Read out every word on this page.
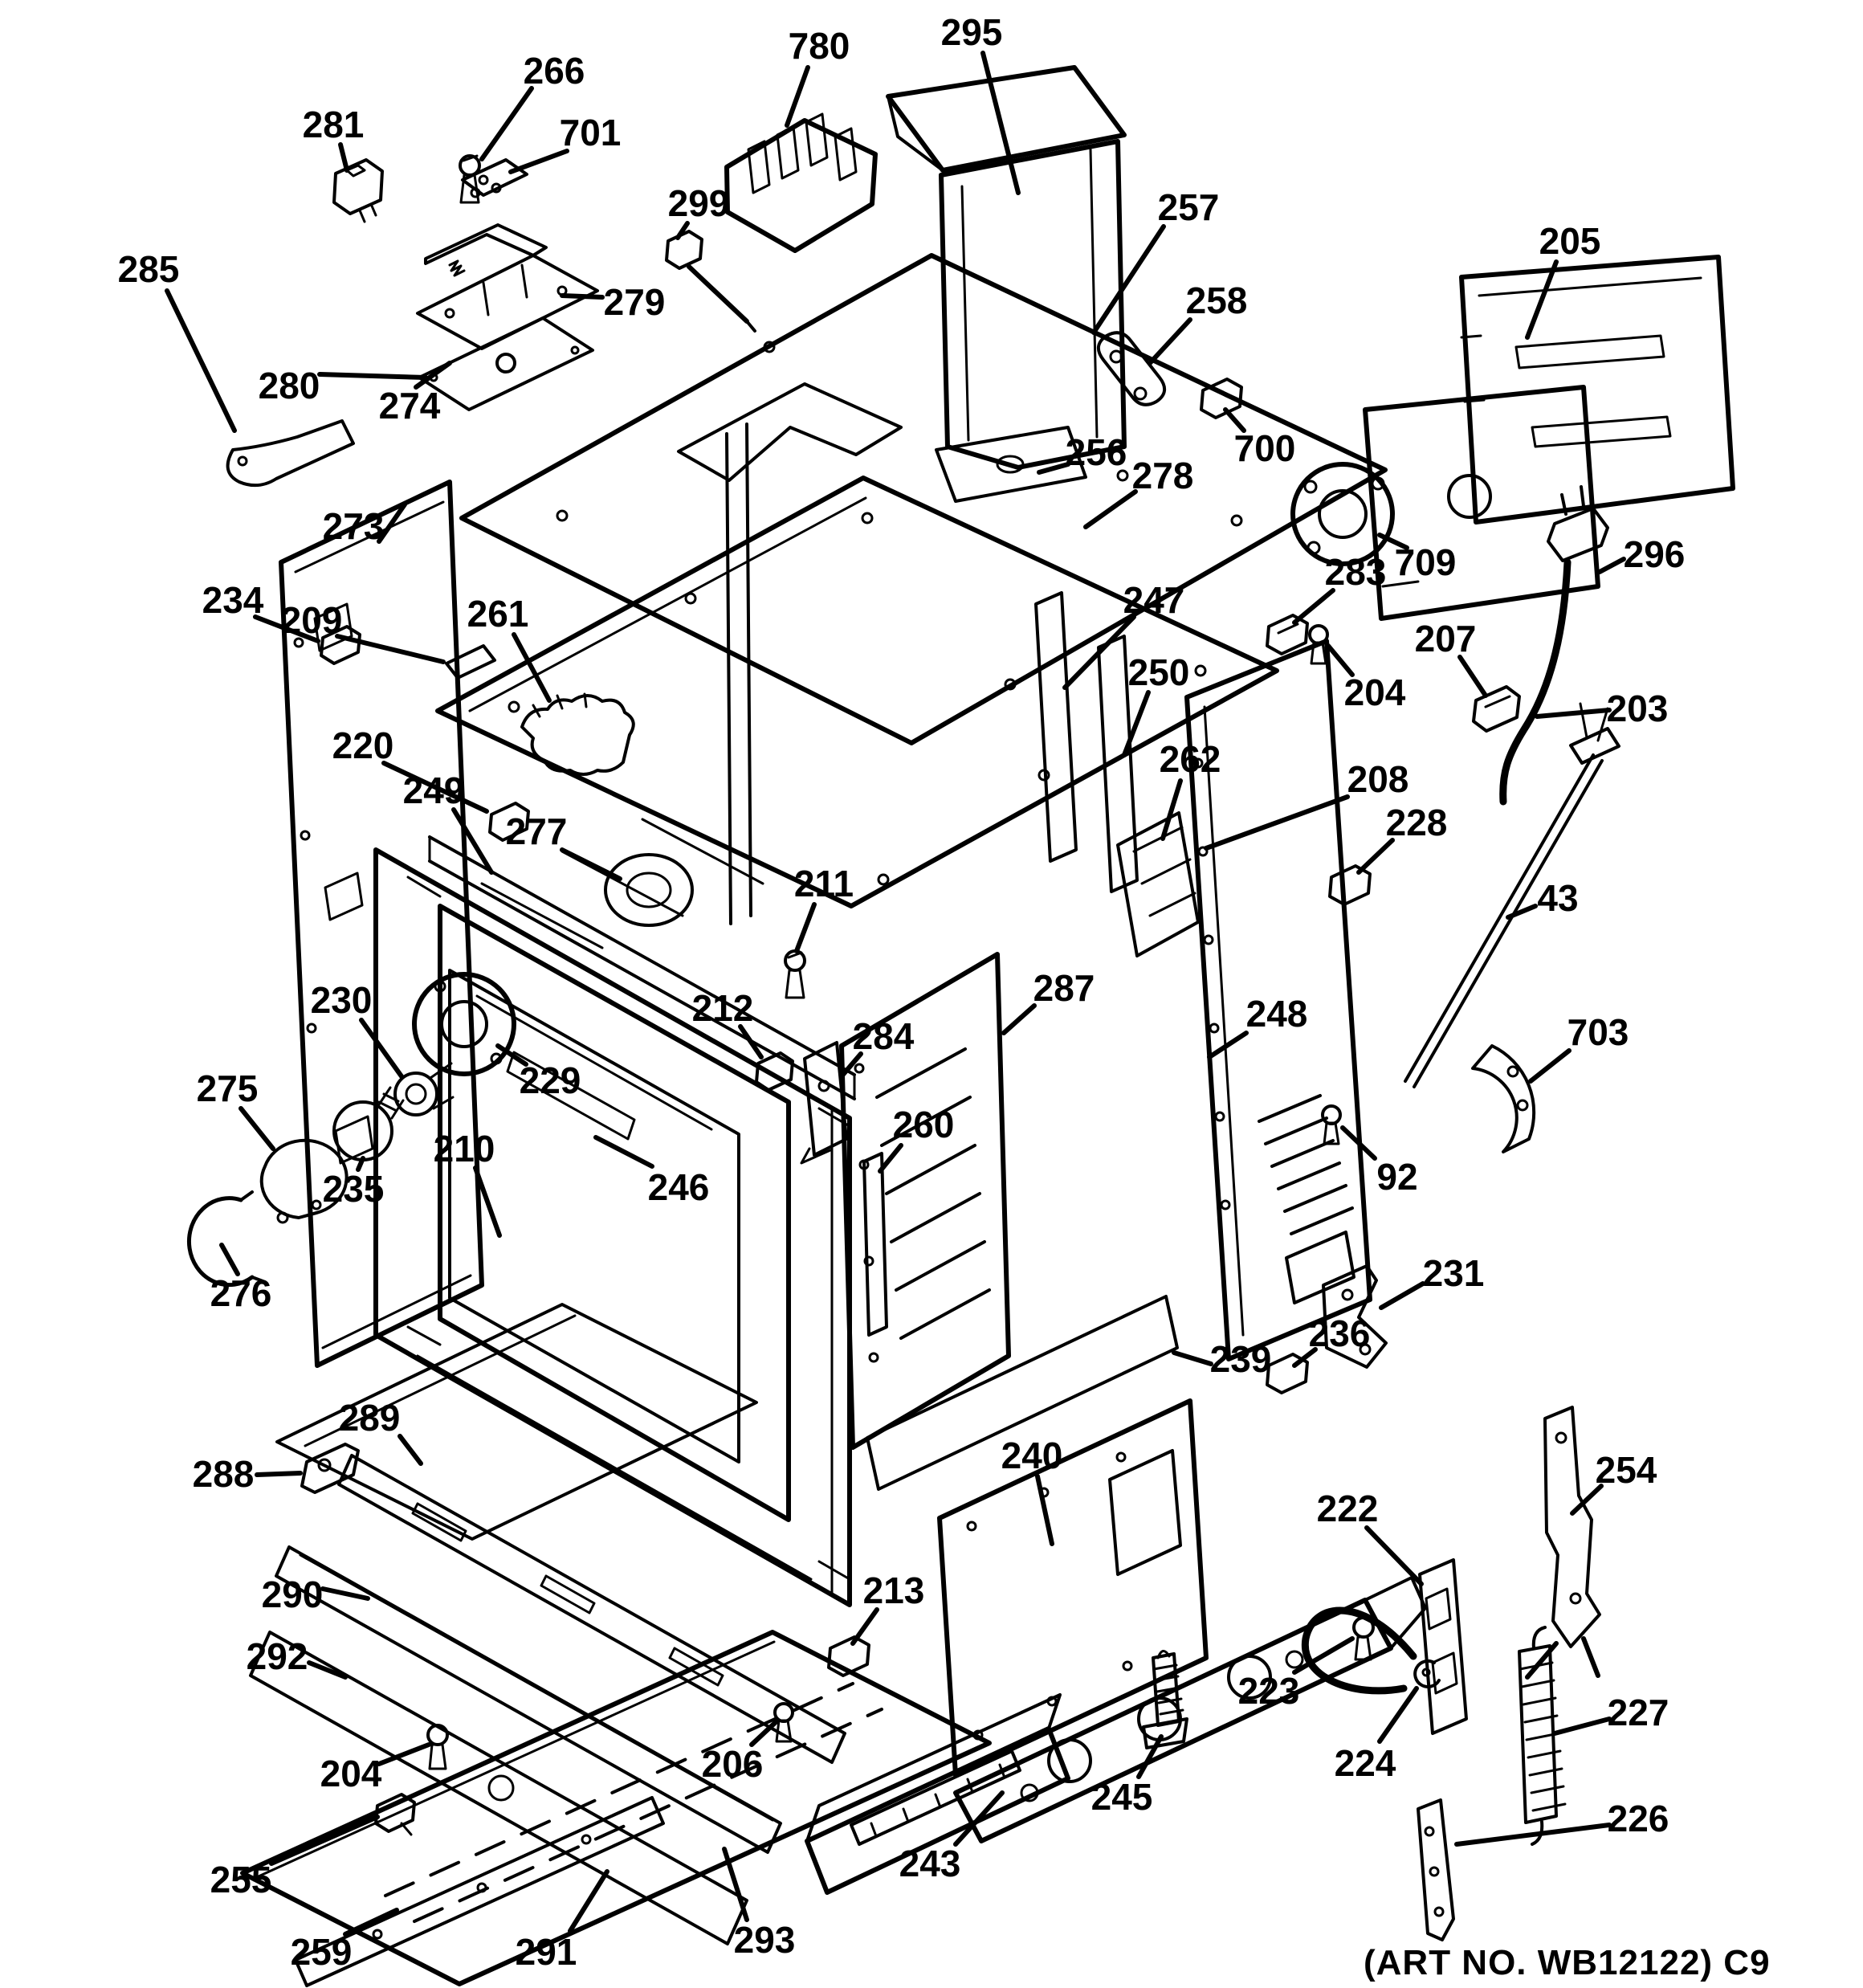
266
281	701
780 295
299	257
285
279	258
205
280 274
700
256
278
273
709	296
234 209	261	247
283
250	204
207
203
220
249
262	208
228
277
43
211
212
284
287
230
229
248	703
275
260
92
235
210
246
231
276
236
239
289
288	240	254
222
290
292
213
223
224
227
204	206
245
226
255	243
259	291	293
(ART NO. WB12122) C9
